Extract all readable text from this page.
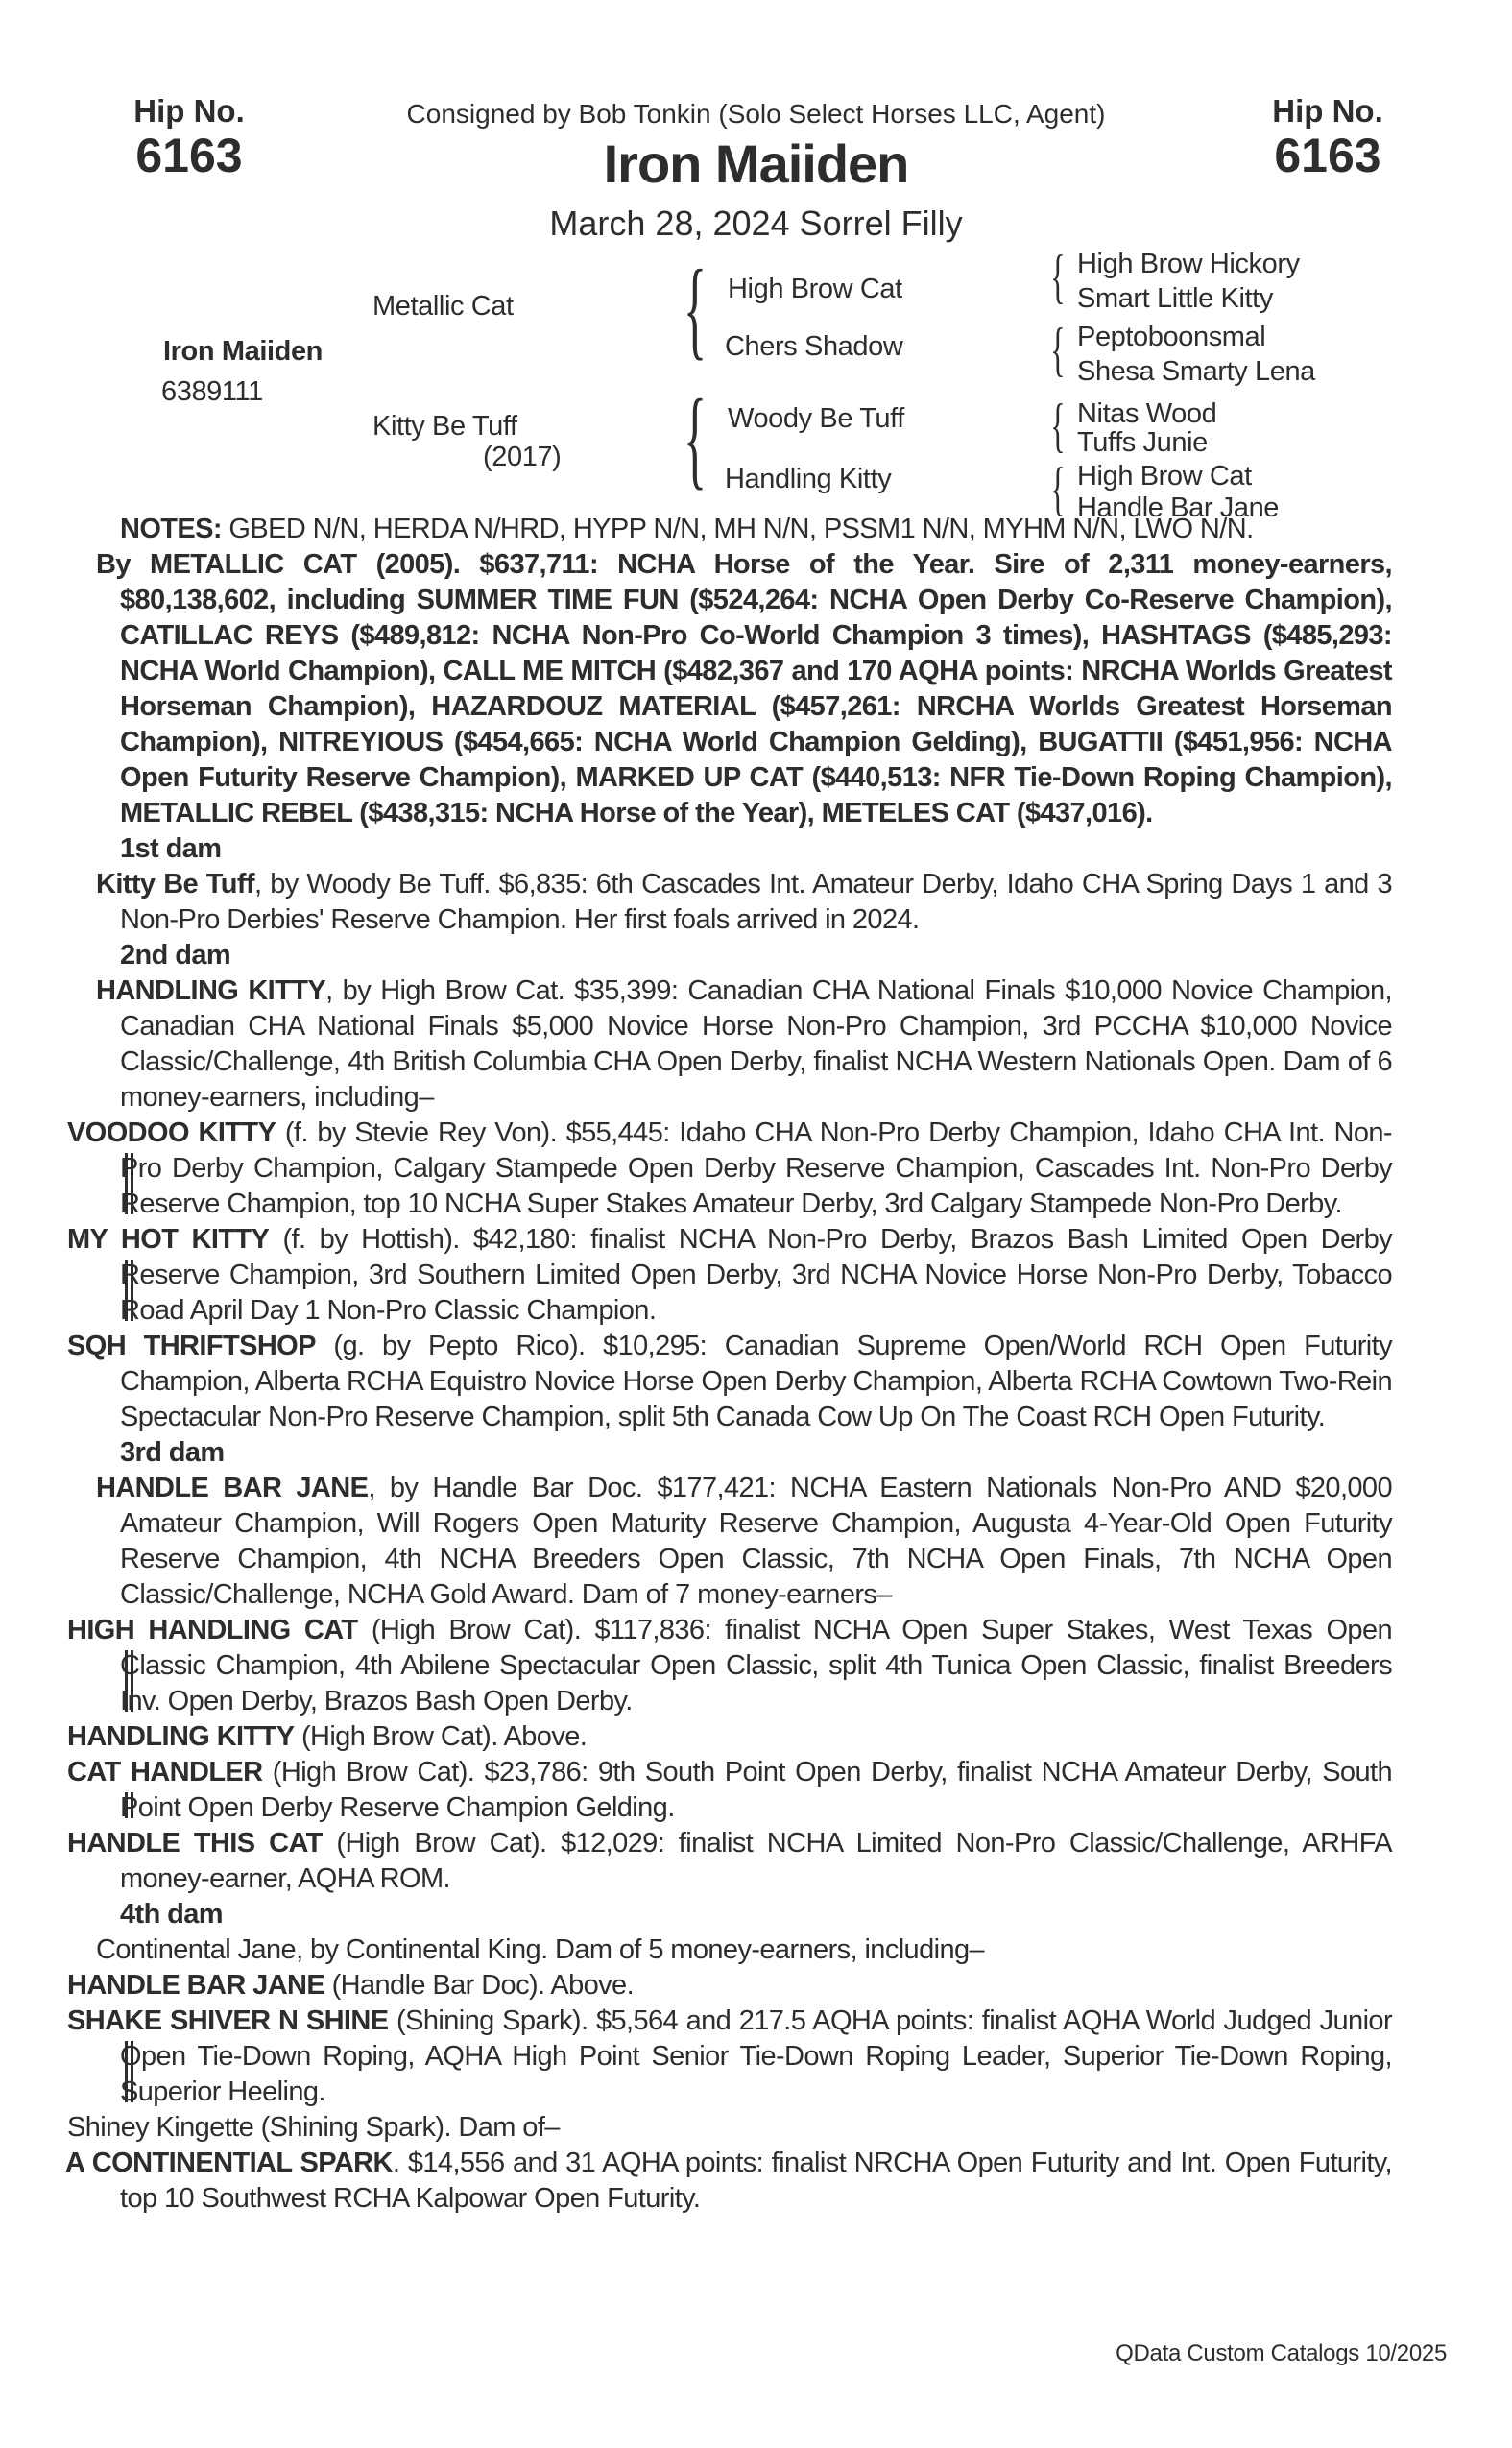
Hip No.
6163
Consigned by Bob Tonkin (Solo Select Horses LLC, Agent)
Iron Maiiden
March 28, 2024 Sorrel Filly
Hip No.
6163
Iron Maiiden
6389111
Metallic Cat
Kitty Be Tuff
(2017)
{
{
High Brow Cat
Chers Shadow
Woody Be Tuff
Handling Kitty
{
{
{
{
High Brow Hickory
Smart Little Kitty
Peptoboonsmal
Shesa Smarty Lena
Nitas Wood
Tuffs Junie
High Brow Cat
Handle Bar Jane

NOTES: GBED N/N, HERDA N/HRD, HYPP N/N, MH N/N, PSSM1 N/N, MYHM N/N, LWO N/N.

By METALLIC CAT (2005). $637,711: NCHA Horse of the Year. Sire of 2,311 money-earners, $80,138,602, including SUMMER TIME FUN ($524,264: NCHA Open Derby Co-Reserve Champion), CATILLAC REYS ($489,812: NCHA Non-Pro Co-World Champion 3 times), HASHTAGS ($485,293: NCHA World Champion), CALL ME MITCH ($482,367 and 170 AQHA points: NRCHA Worlds Greatest Horseman Champion), HAZARDOUZ MATERIAL ($457,261: NRCHA Worlds Greatest Horseman Champion), NITREYIOUS ($454,665: NCHA World Champion Gelding), BUGATTII ($451,956: NCHA Open Futurity Reserve Champion), MARKED UP CAT ($440,513: NFR Tie-Down Roping Champion), METALLIC REBEL ($438,315: NCHA Horse of the Year), METELES CAT ($437,016).

1st dam

Kitty Be Tuff, by Woody Be Tuff. $6,835: 6th Cascades Int. Amateur Derby, Idaho CHA Spring Days 1 and 3 Non-Pro Derbies' Reserve Champion. Her first foals arrived in 2024.

2nd dam

HANDLING KITTY, by High Brow Cat. $35,399: Canadian CHA National Finals $10,000 Novice Champion, Canadian CHA National Finals $5,000 Novice Horse Non-Pro Champion, 3rd PCCHA $10,000 Novice Classic/Challenge, 4th British Columbia CHA Open Derby, finalist NCHA Western Nationals Open. Dam of 6 money-earners, including–

VOODOO KITTY (f. by Stevie Rey Von). $55,445: Idaho CHA Non-Pro Derby Champion, Idaho CHA Int. Non-Pro Derby Champion, Calgary Stampede Open Derby Reserve Champion, Cascades Int. Non-Pro Derby Reserve Champion, top 10 NCHA Super Stakes Amateur Derby, 3rd Calgary Stampede Non-Pro Derby.

MY HOT KITTY (f. by Hottish). $42,180: finalist NCHA Non-Pro Derby, Brazos Bash Limited Open Derby Reserve Champion, 3rd Southern Limited Open Derby, 3rd NCHA Novice Horse Non-Pro Derby, Tobacco Road April Day 1 Non-Pro Classic Champion.

SQH THRIFTSHOP (g. by Pepto Rico). $10,295: Canadian Supreme Open/World RCH Open Futurity Champion, Alberta RCHA Equistro Novice Horse Open Derby Champion, Alberta RCHA Cowtown Two-Rein Spectacular Non-Pro Reserve Champion, split 5th Canada Cow Up On The Coast RCH Open Futurity.

3rd dam

HANDLE BAR JANE, by Handle Bar Doc. $177,421: NCHA Eastern Nationals Non-Pro AND $20,000 Amateur Champion, Will Rogers Open Maturity Reserve Champion, Augusta 4-Year-Old Open Futurity Reserve Champion, 4th NCHA Breeders Open Classic, 7th NCHA Open Finals, 7th NCHA Open Classic/Challenge, NCHA Gold Award. Dam of 7 money-earners–

HIGH HANDLING CAT (High Brow Cat). $117,836: finalist NCHA Open Super Stakes, West Texas Open Classic Champion, 4th Abilene Spectacular Open Classic, split 4th Tunica Open Classic, finalist Breeders Inv. Open Derby, Brazos Bash Open Derby.

HANDLING KITTY (High Brow Cat). Above.

CAT HANDLER (High Brow Cat). $23,786: 9th South Point Open Derby, finalist NCHA Amateur Derby, South Point Open Derby Reserve Champion Gelding.

HANDLE THIS CAT (High Brow Cat). $12,029: finalist NCHA Limited Non-Pro Classic/Challenge, ARHFA money-earner, AQHA ROM.

4th dam

Continental Jane, by Continental King. Dam of 5 money-earners, including–

HANDLE BAR JANE (Handle Bar Doc). Above.

SHAKE SHIVER N SHINE (Shining Spark). $5,564 and 217.5 AQHA points: finalist AQHA World Judged Junior Open Tie-Down Roping, AQHA High Point Senior Tie-Down Roping Leader, Superior Tie-Down Roping, Superior Heeling.

Shiney Kingette (Shining Spark). Dam of–

A CONTINENTIAL SPARK. $14,556 and 31 AQHA points: finalist NRCHA Open Futurity and Int. Open Futurity, top 10 Southwest RCHA Kalpowar Open Futurity.

QData Custom Catalogs 10/2025
